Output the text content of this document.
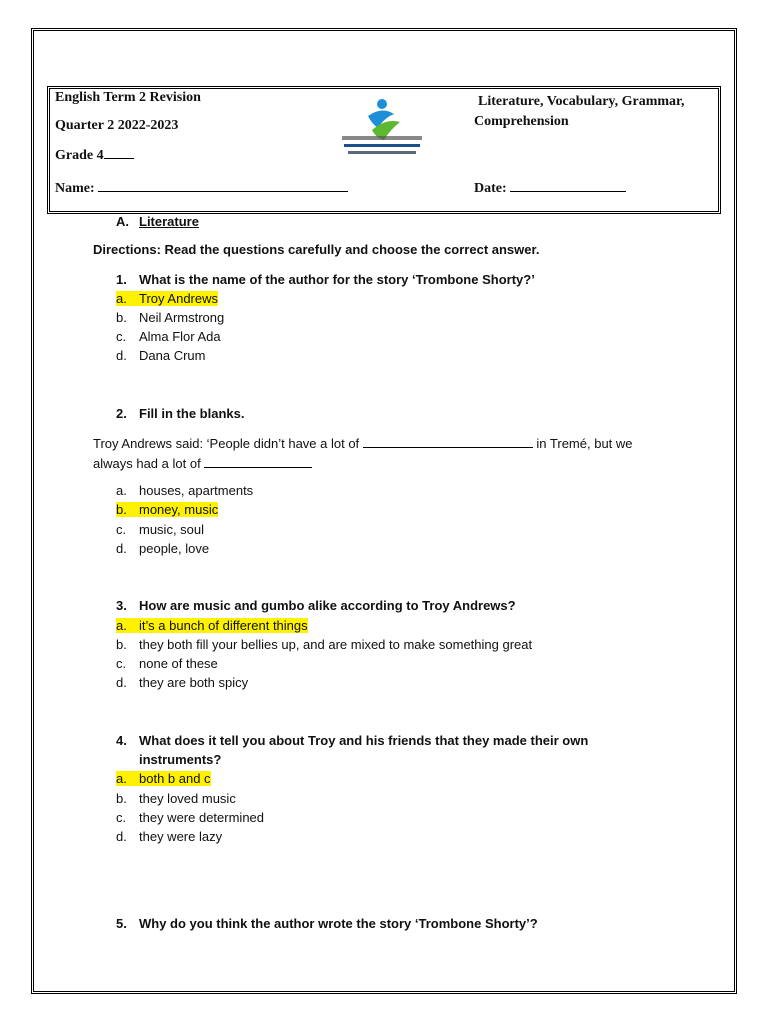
English Term 2 Revision
Quarter 2 2022-2023
Grade 4
Name:
Literature, Vocabulary, Grammar,
Comprehension
Date:
A. Literature
Directions: Read the questions carefully and choose the correct answer.
1. What is the name of the author for the story ‘Trombone Shorty?’
a. Troy Andrews
b. Neil Armstrong
c. Alma Flor Ada
d. Dana Crum
2. Fill in the blanks.
Troy Andrews said: ‘People didn’t have a lot of	in Tremé, but we
always had a lot of
a. houses, apartments
b. money, music
c. music, soul
d. people, love
3. How are music and gumbo alike according to Troy Andrews?
a. it’s a bunch of different things
b. they both fill your bellies up, and are mixed to make something great
c. none of these
d. they are both spicy
4. What does it tell you about Troy and his friends that they made their own
instruments?
a. both b and c
b. they loved music
c. they were determined
d. they were lazy
5. Why do you think the author wrote the story ‘Trombone Shorty’?
